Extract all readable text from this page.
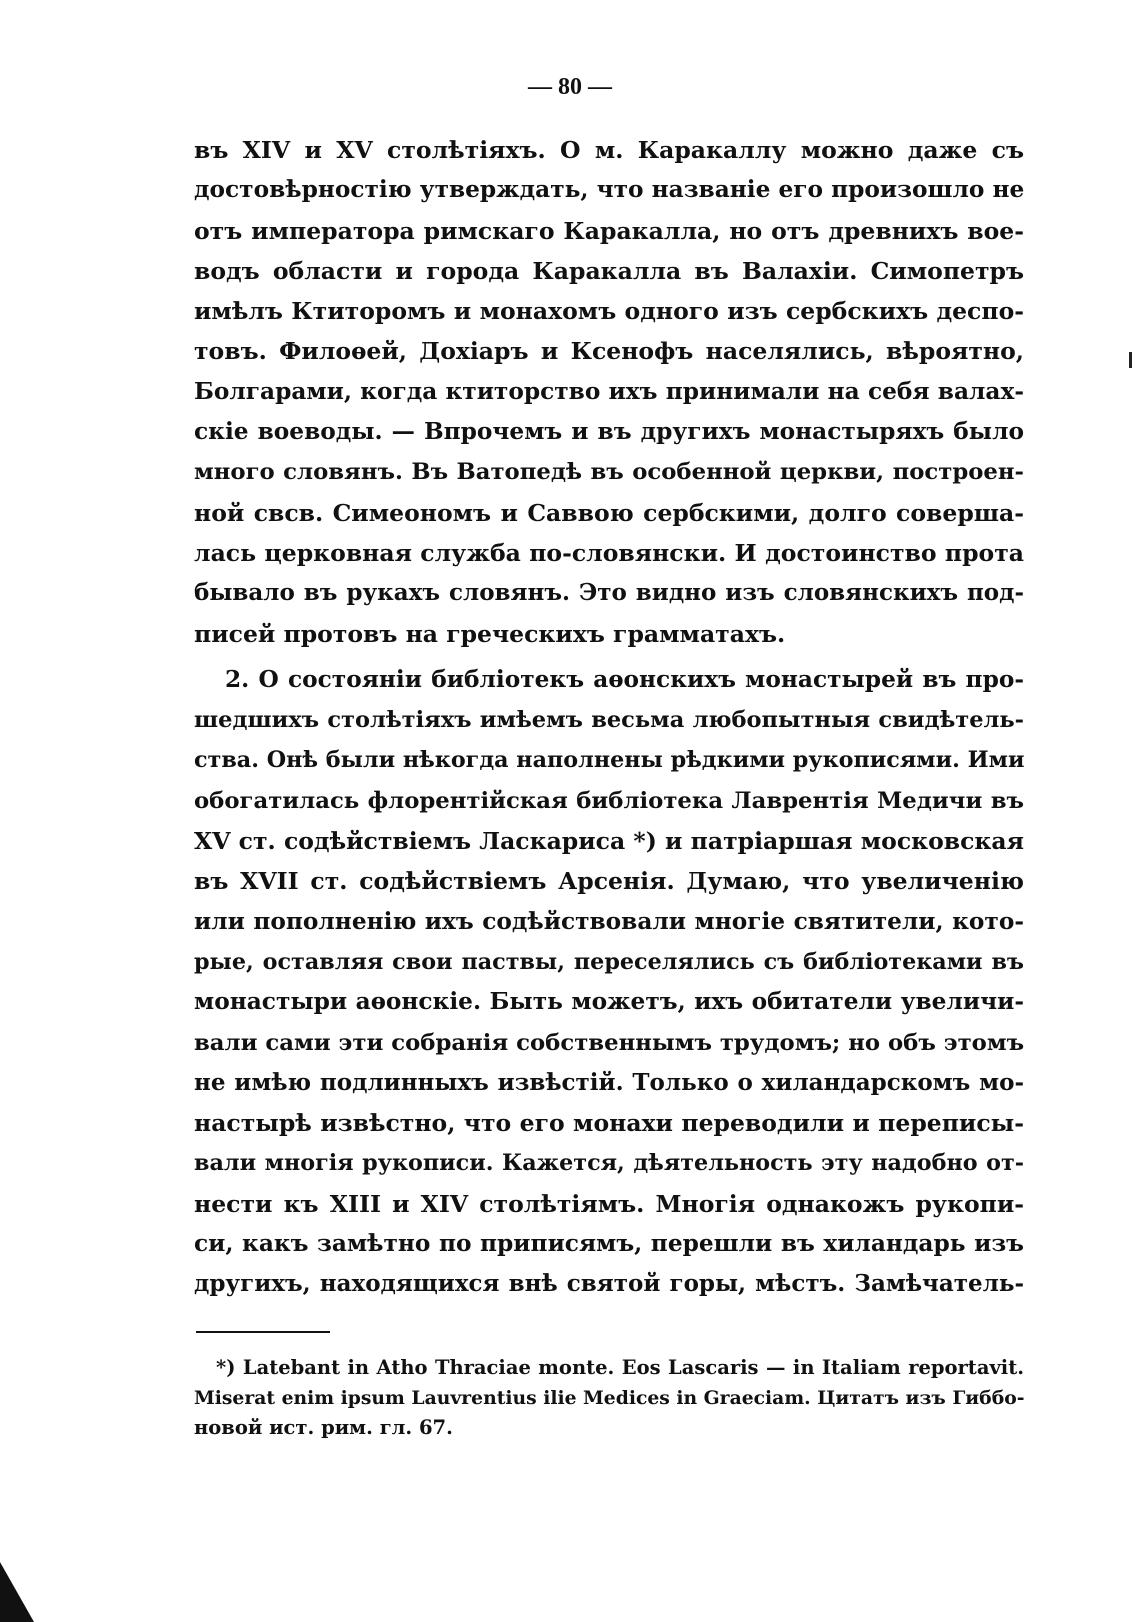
— 80 —
въ XIV и XV столѣтіяхъ. О м. Каракаллу можно даже съ
достовѣрностію утверждать, что названіе его произошло не
отъ императора римскаго Каракалла, но отъ древнихъ вое-
водъ области и города Каракалла въ Валахіи. Симопетръ
имѣлъ Ктиторомъ и монахомъ одного изъ сербскихъ деспо-
товъ. Филоѳей, Дохіаръ и Ксенофъ населялись, вѣроятно,
Болгарами, когда ктиторство ихъ принимали на себя валах-
скіе воеводы. — Впрочемъ и въ другихъ монастыряхъ было
много словянъ. Въ Ватопедѣ въ особенной церкви, построен-
ной свсв. Симеономъ и Саввою сербскими, долго соверша-
лась церковная служба по-словянски. И достоинство прота
бывало въ рукахъ словянъ. Это видно изъ словянскихъ под-
писей протовъ на греческихъ грамматахъ.
2. О состояніи библіотекъ аѳонскихъ монастырей въ про-
шедшихъ столѣтіяхъ имѣемъ весьма любопытныя свидѣтель-
ства. Онѣ были нѣкогда наполнены рѣдкими рукописями. Ими
обогатилась флорентійская библіотека Лаврентія Медичи въ
XV ст. содѣйствіемъ Ласкариса *) и патріаршая московская
въ XVII ст. содѣйствіемъ Арсенія. Думаю, что увеличенію
или пополненію ихъ содѣйствовали многіе святители, кото-
рые, оставляя свои паствы, переселялись съ библіотеками въ
монастыри аѳонскіе. Быть можетъ, ихъ обитатели увеличи-
вали сами эти собранія собственнымъ трудомъ; но объ этомъ
не имѣю подлинныхъ извѣстій. Только о хиландарскомъ мо-
настырѣ извѣстно, что его монахи переводили и переписы-
вали многія рукописи. Кажется, дѣятельность эту надобно от-
нести къ XIII и XIV столѣтіямъ. Многія однакожъ рукопи-
си, какъ замѣтно по приписямъ, перешли въ хиландарь изъ
другихъ, находящихся внѣ святой горы, мѣстъ. Замѣчатель-
*) Latebant in Atho Thraciae monte. Eos Lascaris — in Italiam reportavit.
Miserat enim ipsum Lauvrentius ilie Medices in Graeciam. Цитатъ изъ Гиббо-
новой ист. рим. гл. 67.
